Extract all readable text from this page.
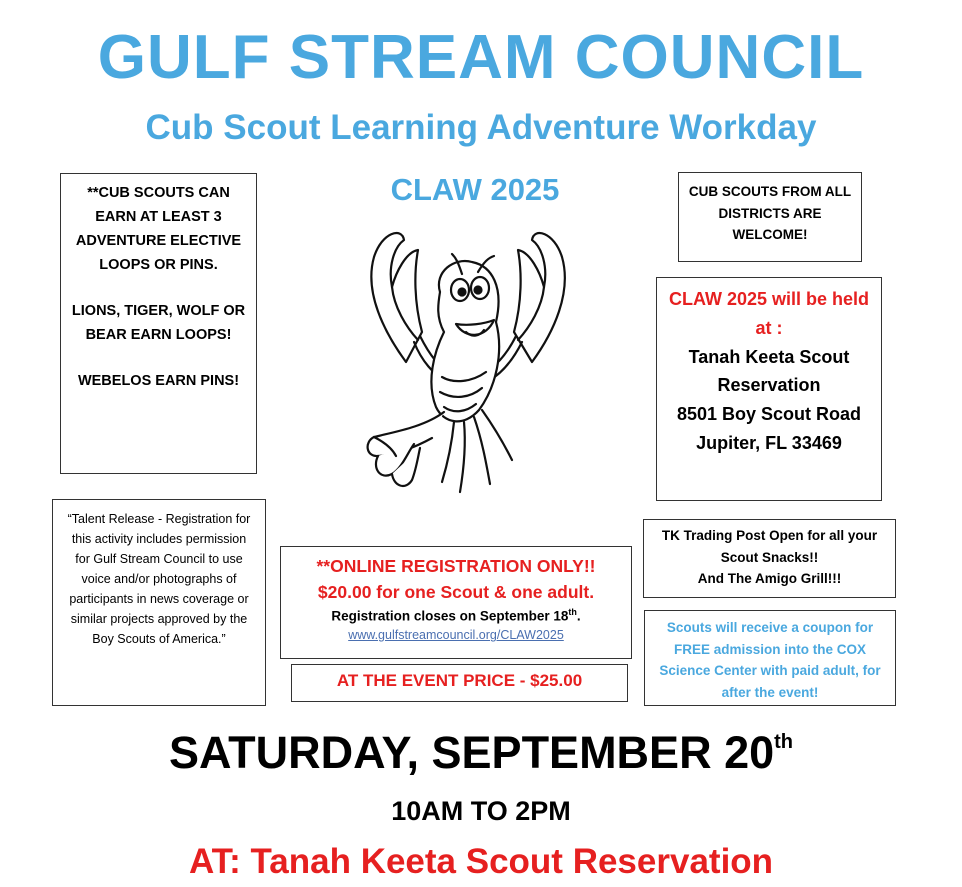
GULF STREAM COUNCIL
Cub Scout Learning Adventure Workday
CLAW 2025

**CUB SCOUTS CAN EARN AT LEAST 3 ADVENTURE ELECTIVE LOOPS OR PINS.

LIONS, TIGER, WOLF OR BEAR EARN LOOPS!

WEBELOS EARN PINS!

“Talent Release - Registration for this activity includes permission for Gulf Stream Council to use voice and/or photographs of participants in news coverage or similar projects approved by the Boy Scouts of America.”
CUB SCOUTS FROM ALL DISTRICTS ARE WELCOME!
CLAW 2025 will be held at :
Tanah Keeta Scout Reservation
8501 Boy Scout Road
Jupiter, FL 33469
TK Trading Post Open for all your Scout Snacks!!
And The Amigo Grill!!!
Scouts will receive a coupon for FREE admission into the COX Science Center with paid adult, for after the event!
**ONLINE REGISTRATION ONLY!!
$20.00 for one Scout & one adult.
Registration closes on September 18th.
www.gulfstreamcouncil.org/CLAW2025
AT THE EVENT PRICE - $25.00
SATURDAY, SEPTEMBER 20th
10AM TO 2PM
AT: Tanah Keeta Scout Reservation
